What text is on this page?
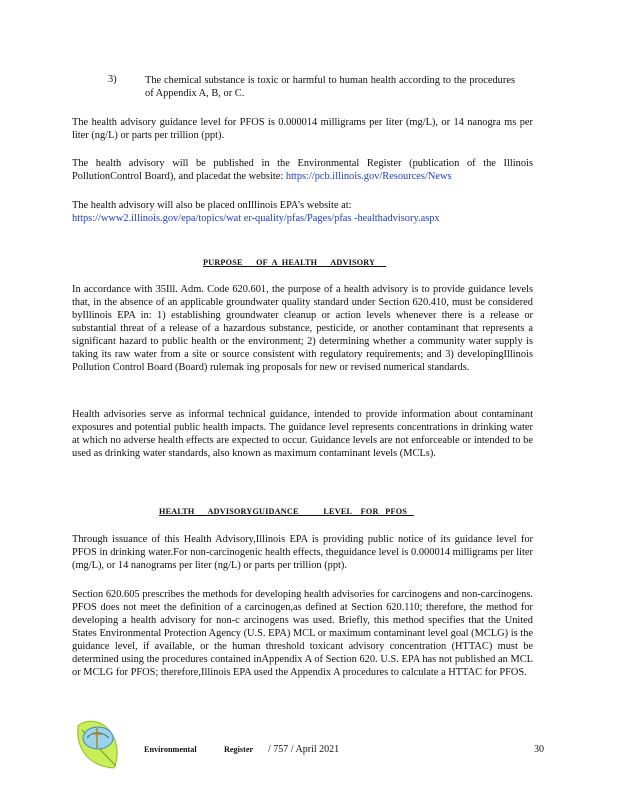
3)	The chemical substance is toxic or harmful to human health according to the procedures of Appendix A, B, or C.

The health advisory guidance level for PFOS is 0.000014 milligrams per liter (mg/L), or 14 nanogra ms per liter (ng/L) or parts per trillion (ppt).

The health advisory will be published in the Environmental Register (publication of the Illinois PollutionControl Board), and placedat the website: https://pcb.illinois.gov/Resources/News

The health advisory will also be placed onIllinois EPA’s website at:
https://www2.illinois.gov/epa/topics/wat er-quality/pfas/Pages/pfas -healthadvisory.aspx

PURPOSE      OF  A  HEALTH      ADVISORY

In accordance with 35Ill. Adm. Code 620.601, the purpose of a health advisory is to provide guidance levels that, in the absence of an applicable groundwater quality standard under Section 620.410, must be considered byIllinois EPA in: 1) establishing groundwater cleanup or action levels whenever there is a release or substantial threat of a release of a hazardous substance, pesticide, or another contaminant that represents a significant hazard to public health or the environment; 2) determining whether a community water supply is taking its raw water from a site or source consistent with regulatory requirements; and 3) developingIllinois Pollution Control Board (Board) rulemak ing proposals for new or revised numerical standards.

Health advisories serve as informal technical guidance, intended to provide information about contaminant exposures and potential public health impacts. The guidance level represents concentrations in drinking water at which no adverse health effects are expected to occur. Guidance levels are not enforceable or intended to be used as drinking water standards, also known as maximum contaminant levels (MCLs).

HEALTH      ADVISORYGUIDANCE           LEVEL    FOR   PFOS

Through issuance of this Health Advisory,Illinois EPA is providing public notice of its guidance level for PFOS in drinking water.For non-carcinogenic health effects, theguidance level is 0.000014 milligrams per liter (mg/L), or 14 nanograms per liter (ng/L) or parts per trillion (ppt).

Section 620.605 prescribes the methods for developing health advisories for carcinogens and non-carcinogens. PFOS does not meet the definition of a carcinogen,as defined at Section 620.110; therefore, the method for developing a health advisory for non-c arcinogens was used. Briefly, this method specifies that the United States Environmental Protection Agency (U.S. EPA) MCL or maximum contaminant level goal (MCLG) is the guidance level, if available, or the human threshold toxicant advisory concentration (HTTAC) must be determined using the procedures contained inAppendix A of Section 620. U.S. EPA has not published an MCL or MCLG for PFOS; therefore,Illinois EPA used the Appendix A procedures to calculate a HTTAC for PFOS.

Environmental	Register / 757 / April 2021	30
